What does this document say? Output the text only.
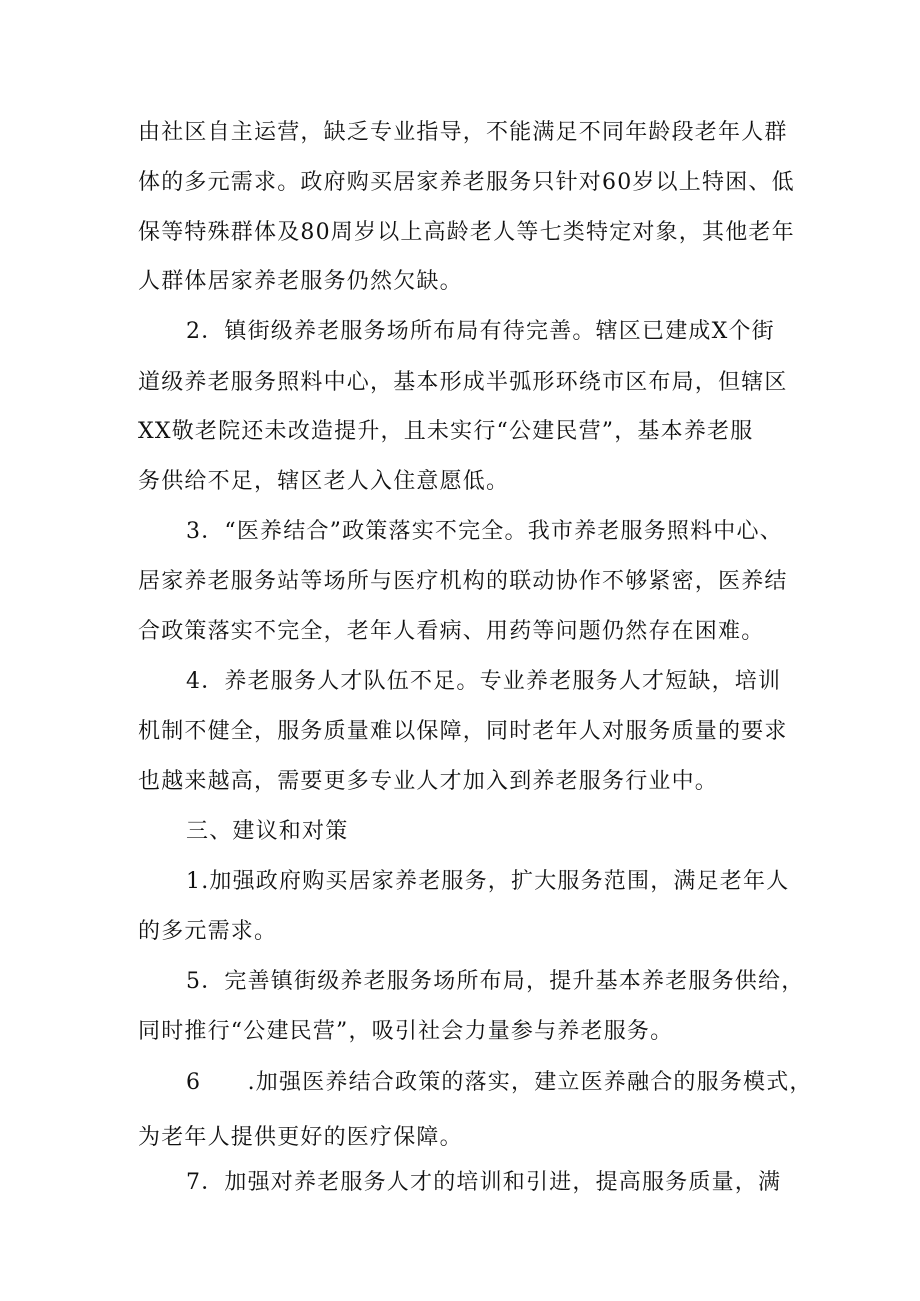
由社区自主运营，缺乏专业指导，不能满足不同年龄段老年人群
体的多元需求。政府购买居家养老服务只针对60岁以上特困、低
保等特殊群体及80周岁以上高龄老人等七类特定对象，其他老年
人群体居家养老服务仍然欠缺。
2．镇街级养老服务场所布局有待完善。辖区已建成X个街
道级养老服务照料中心，基本形成半弧形环绕市区布局，但辖区
XX敬老院还未改造提升，且未实行“公建民营”，基本养老服
务供给不足，辖区老人入住意愿低。
3．“医养结合”政策落实不完全。我市养老服务照料中心、
居家养老服务站等场所与医疗机构的联动协作不够紧密，医养结
合政策落实不完全，老年人看病、用药等问题仍然存在困难。
4．养老服务人才队伍不足。专业养老服务人才短缺，培训
机制不健全，服务质量难以保障，同时老年人对服务质量的要求
也越来越高，需要更多专业人才加入到养老服务行业中。
三、建议和对策
1.加强政府购买居家养老服务，扩大服务范围，满足老年人
的多元需求。
5．完善镇街级养老服务场所布局，提升基本养老服务供给，
同时推行“公建民营”，吸引社会力量参与养老服务。
6　　.加强医养结合政策的落实，建立医养融合的服务模式，
为老年人提供更好的医疗保障。
7．加强对养老服务人才的培训和引进，提高服务质量，满
